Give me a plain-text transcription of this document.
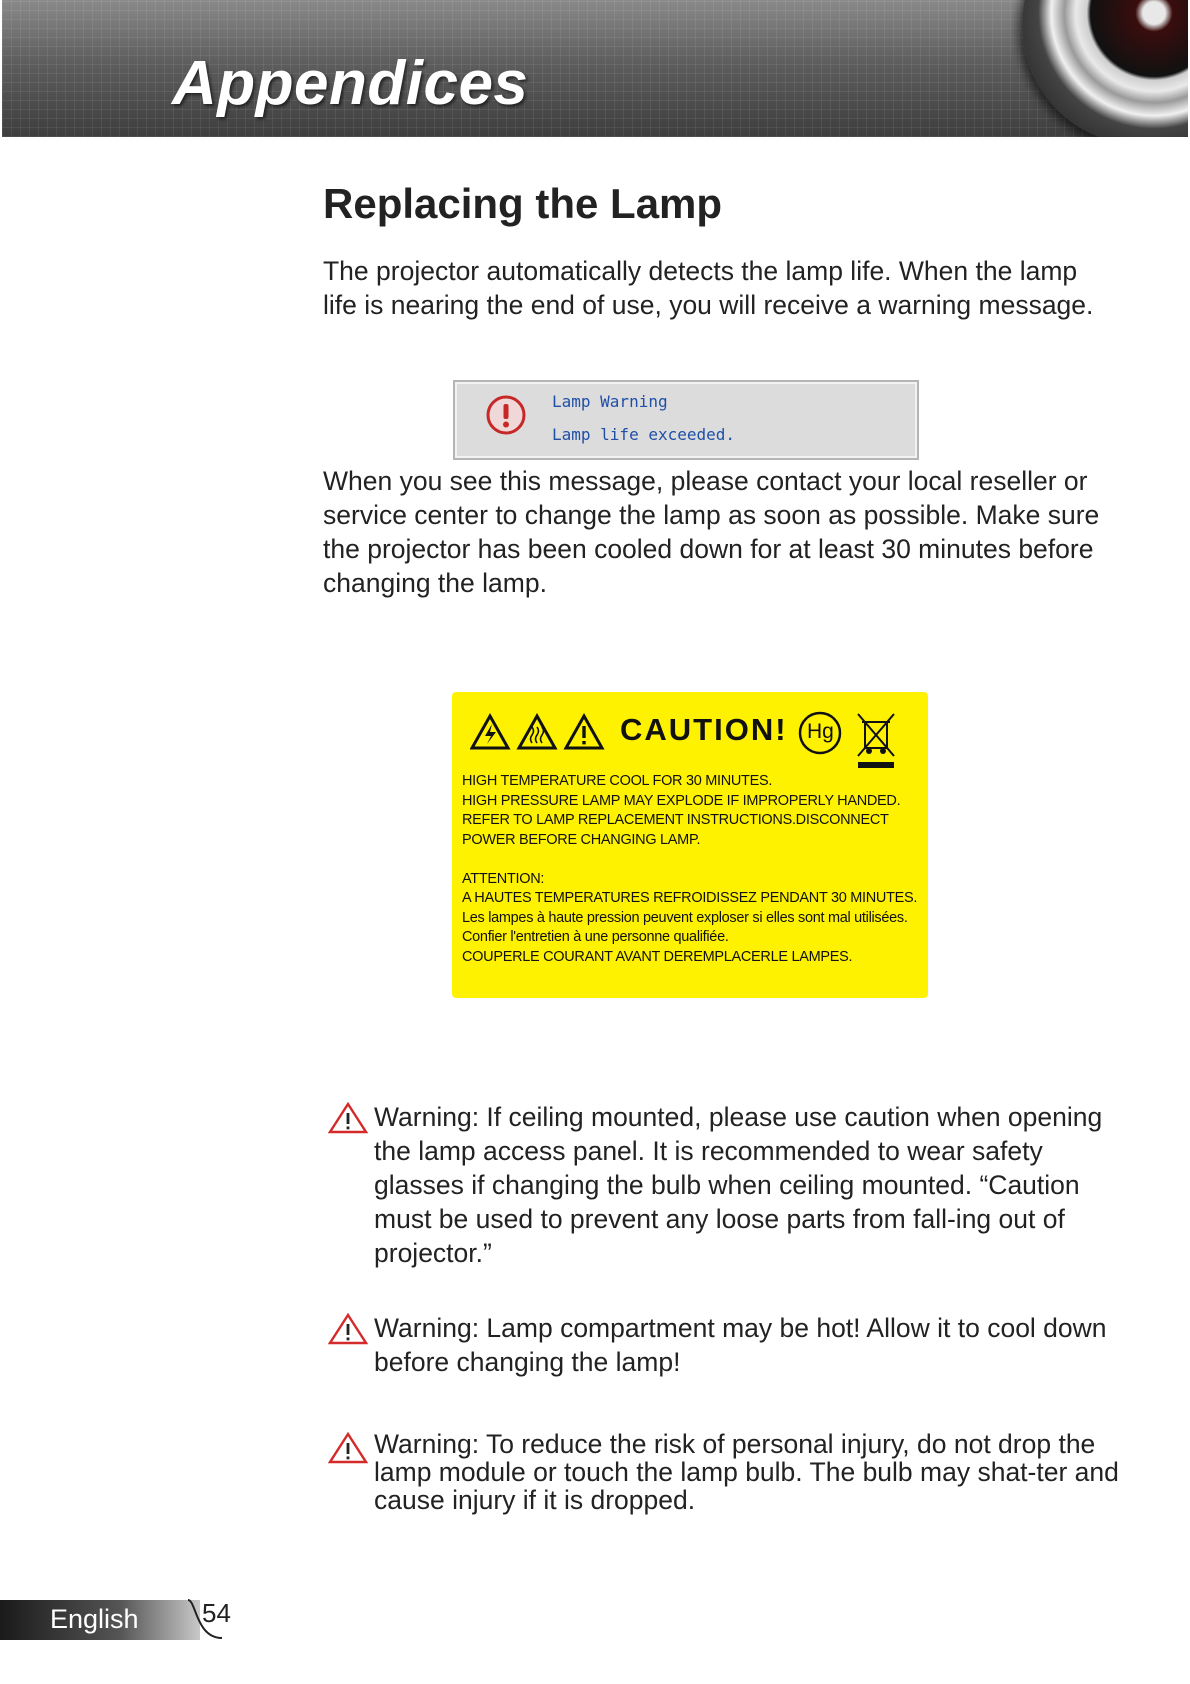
Appendices
Replacing the Lamp

The projector automatically detects the lamp life. When the lamp life is nearing the end of use, you will receive a warning message.

Lamp Warning
Lamp life exceeded.

When you see this message, please contact your local reseller or service center to change the lamp as soon as possible. Make sure the projector has been cooled down for at least 30 minutes before changing the lamp.

CAUTION! Hg
HIGH TEMPERATURE COOL FOR 30 MINUTES.
HIGH PRESSURE LAMP MAY EXPLODE IF IMPROPERLY HANDED.
REFER TO LAMP REPLACEMENT INSTRUCTIONS.DISCONNECT
POWER BEFORE CHANGING LAMP.
ATTENTION:
A HAUTES TEMPERATURES REFROIDISSEZ PENDANT 30 MINUTES.
Les lampes à haute pression peuvent exploser si elles sont mal utilisées.
Confier l'entretien à une personne qualifiée.
COUPERLE COURANT AVANT DEREMPLACERLE LAMPES.

Warning: If ceiling mounted, please use caution when opening the lamp access panel. It is recommended to wear safety glasses if changing the bulb when ceiling mounted. “Caution must be used to prevent any loose parts from fall-ing out of projector.”

Warning: Lamp compartment may be hot! Allow it to cool down before changing the lamp!

Warning: To reduce the risk of personal injury, do not drop the lamp module or touch the lamp bulb. The bulb may shat-ter and cause injury if it is dropped.

English 54
